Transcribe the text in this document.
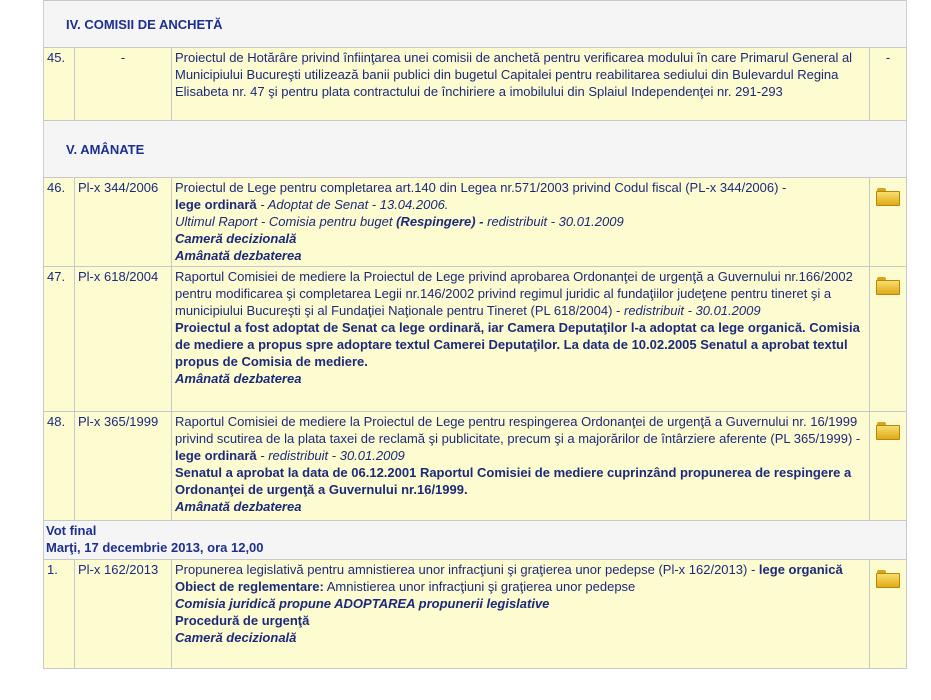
IV. COMISII DE ANCHETĂ			
45.	-	Proiectul de Hotărâre privind înfiinţarea unei comisii de anchetă pentru verificarea modului în care Primarul General al Municipiului Bucureşti utilizează banii publici din bugetul Capitalei pentru reabilitarea sediului din Bulevardul Regina Elisabeta nr. 47 şi pentru plata contractului de închiriere a imobilului din Splaiul Independenţei nr. 291-293	-
V. AMÂNATE			
46.	Pl-x 344/2006	Proiectul de Lege pentru completarea art.140 din Legea nr.571/2003 privind Codul fiscal (PL-x 344/2006) -
lege ordinară - Adoptat de Senat - 13.04.2006.
Ultimul Raport - Comisia pentru buget (Respingere) - redistribuit - 30.01.2009
Cameră decizională
Amânată dezbaterea	

47.	Pl-x 618/2004	Raportul Comisiei de mediere la Proiectul de Lege privind aprobarea Ordonanţei de urgenţă a Guvernului nr.166/2002 pentru modificarea şi completarea Legii nr.146/2002 privind regimul juridic al fundaţiilor judeţene pentru tineret şi a municipiului Bucureşti şi al Fundaţiei Naţionale pentru Tineret (PL 618/2004) - redistribuit - 30.01.2009
Proiectul a fost adoptat de Senat ca lege ordinară, iar Camera Deputaţilor l-a adoptat ca lege organică. Comisia de mediere a propus spre adoptare textul Camerei Deputaţilor. La data de 10.02.2005 Senatul a aprobat textul propus de Comisia de mediere.
Amânată dezbaterea	

48.	Pl-x 365/1999	Raportul Comisiei de mediere la Proiectul de Lege pentru respingerea Ordonanţei de urgenţă a Guvernului nr. 16/1999 privind scutirea de la plata taxei de reclamă şi publicitate, precum şi a majorărilor de întârziere aferente (PL 365/1999) - lege ordinară - redistribuit - 30.01.2009
Senatul a aprobat la data de 06.12.2001 Raportul Comisiei de mediere cuprinzând propunerea de respingere a Ordonanţei de urgenţă a Guvernului nr.16/1999.
Amânată dezbaterea	

Vot final
Marţi, 17 decembrie 2013, ora 12,00			
1.	Pl-x 162/2013	Propunerea legislativă pentru amnistierea unor infracţiuni şi graţierea unor pedepse (Pl-x 162/2013) - lege organică
Obiect de reglementare: Amnistierea unor infracţiuni şi graţierea unor pedepse
Comisia juridică propune ADOPTAREA propunerii legislative
Procedură de urgenţă
Cameră decizională	
